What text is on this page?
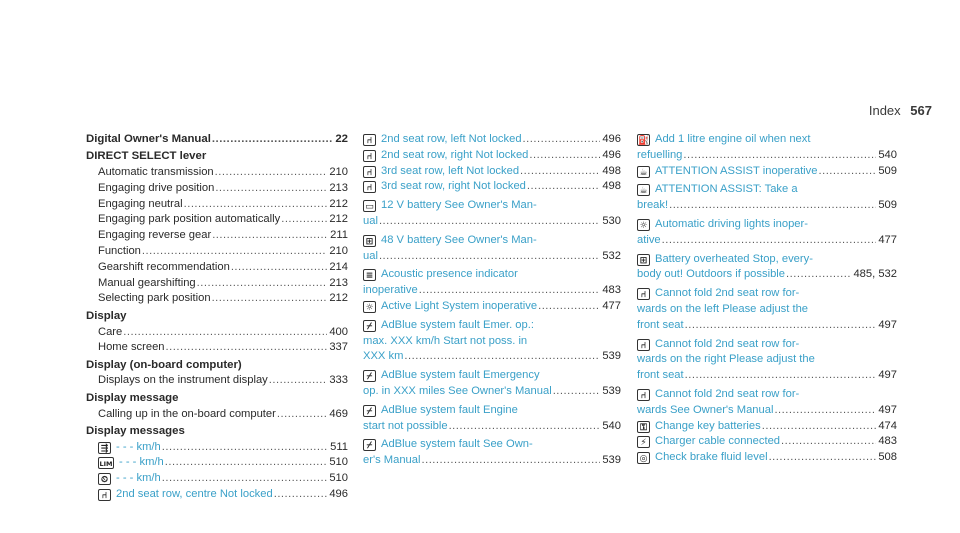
Index 567
Digital Owner's Manual .....	22
DIRECT SELECT lever
Automatic transmission .....	210
Engaging drive position .....	213
Engaging neutral .....	212
Engaging park position automatically .....	212
Engaging reverse gear .....	211
Function .....	210
Gearshift recommendation .....	214
Manual gearshifting .....	213
Selecting park position .....	212
Display
Care .....	400
Home screen .....	337
Display (on-board computer)
Displays on the instrument display .....	333
Display message
Calling up in the on-board computer .....	469
Display messages
⇶ - - - km/h .....	511
LIM - - - km/h .....	510
⏲ - - - km/h .....	510
⑁ 2nd seat row, centre Not locked .....	496
⑁ 2nd seat row, left Not locked .....	496
⑁ 2nd seat row, right Not locked .....	496
⑁ 3rd seat row, left Not locked .....	498
⑁ 3rd seat row, right Not locked .....	498
▭ 12 V battery See Owner's Man-
ual .....	530
⊞ 48 V battery See Owner's Man-
ual .....	532
≡ Acoustic presence indicator
inoperative .....	483
☼ Active Light System inoperative .....	477
⌿ AdBlue system fault Emer. op.:
max. XXX km/h Start not poss. in
XXX km .....	539
⌿ AdBlue system fault Emergency
op. in XXX miles See Owner's Manual .....	539
⌿ AdBlue system fault Engine
start not possible .....	540
⌿ AdBlue system fault See Own-
er's Manual .....	539
⛽ Add 1 litre engine oil when next
refuelling .....	540
☕ ATTENTION ASSIST inoperative .....	509
☕ ATTENTION ASSIST: Take a
break! .....	509
☼ Automatic driving lights inoper-
ative .....	477
⊞ Battery overheated Stop, every-
body out! Outdoors if possible .....	485, 532
⑁ Cannot fold 2nd seat row for-
wards on the left Please adjust the
front seat .....	497
⑁ Cannot fold 2nd seat row for-
wards on the right Please adjust the
front seat .....	497
⑁ Cannot fold 2nd seat row for-
wards See Owner's Manual .....	497
⚿ Change key batteries .....	474
⚡ Charger cable connected .....	483
◎ Check brake fluid level .....	508
